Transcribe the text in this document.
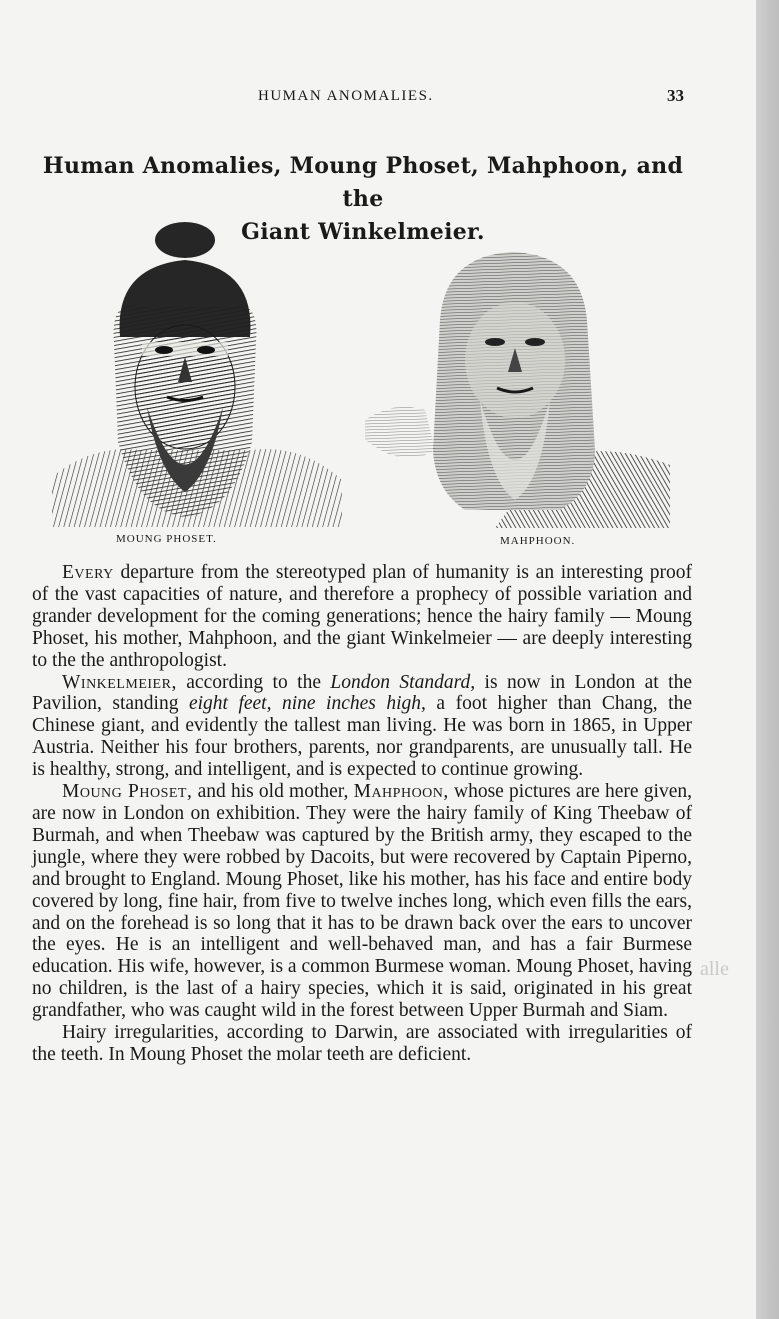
HUMAN ANOMALIES.	33
Human Anomalies, Moung Phoset, Mahphoon, and the
Giant Winkelmeier.
MOUNG PHOSET.	MAHPHOON.

Every departure from the stereotyped plan of humanity is an interesting proof of the vast capacities of nature, and therefore a prophecy of possible variation and grander development for the coming generations; hence the hairy family — Moung Phoset, his mother, Mahphoon, and the giant Winkelmeier — are deeply interesting to the the anthropologist.

Winkelmeier, according to the London Standard, is now in London at the Pavilion, standing eight feet, nine inches high, a foot higher than Chang, the Chinese giant, and evidently the tallest man living. He was born in 1865, in Upper Austria. Neither his four brothers, parents, nor grandparents, are unusually tall. He is healthy, strong, and intelligent, and is expected to continue growing.

Moung Phoset, and his old mother, Mahphoon, whose pictures are here given, are now in London on exhibition. They were the hairy family of King Theebaw of Burmah, and when Theebaw was captured by the British army, they escaped to the jungle, where they were robbed by Dacoits, but were recovered by Captain Piperno, and brought to England. Moung Phoset, like his mother, has his face and entire body covered by long, fine hair, from five to twelve inches long, which even fills the ears, and on the forehead is so long that it has to be drawn back over the ears to uncover the eyes. He is an intelligent and well-behaved man, and has a fair Burmese education. His wife, however, is a common Burmese woman. Moung Phoset, having no children, is the last of a hairy species, which it is said, originated in his great grandfather, who was caught wild in the forest between Upper Burmah and Siam.

Hairy irregularities, according to Darwin, are associated with irregularities of the teeth. In Moung Phoset the molar teeth are deficient.

alle
